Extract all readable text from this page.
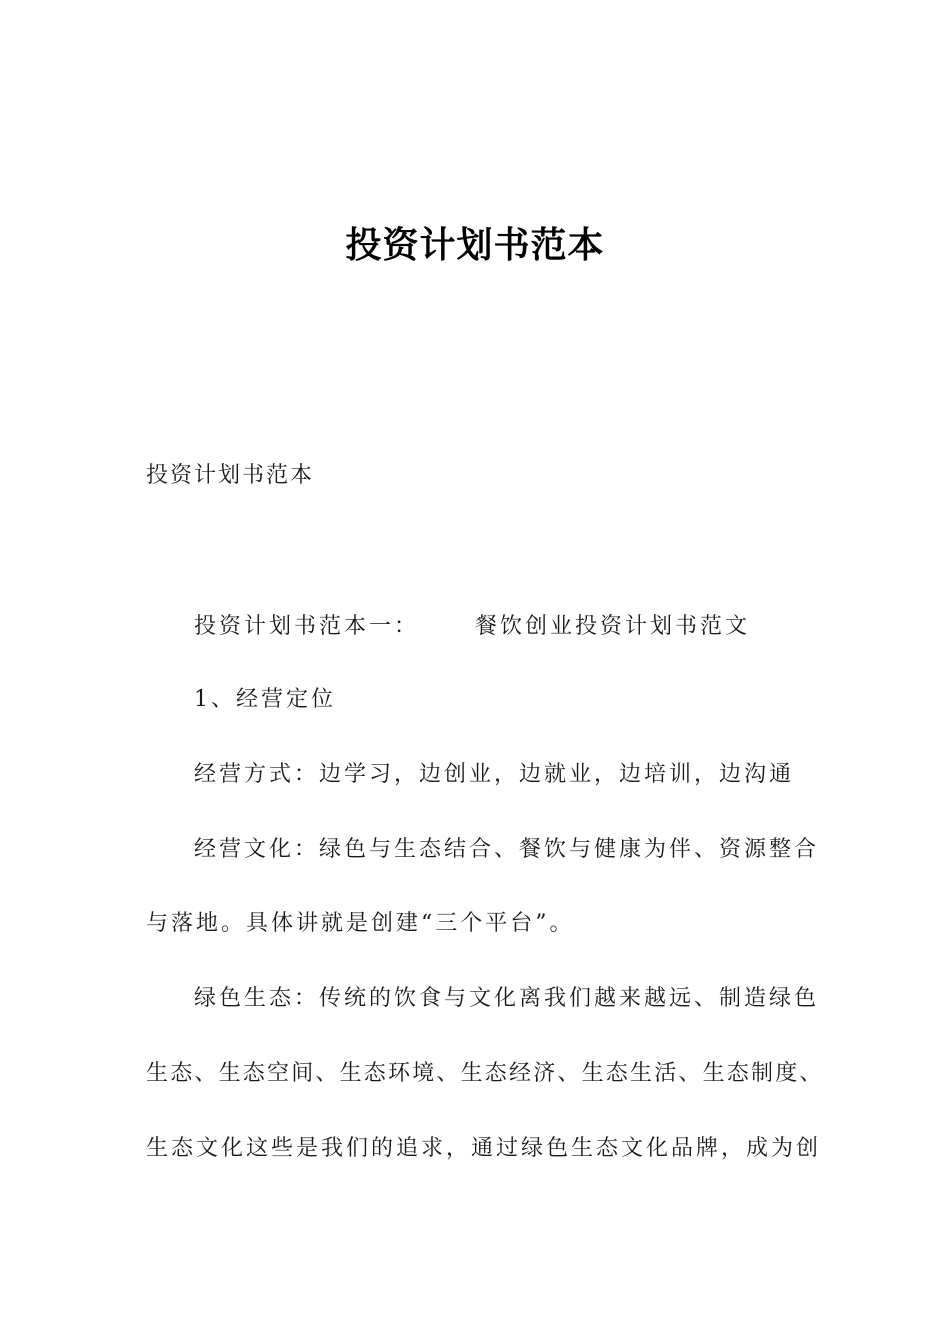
投资计划书范本
投资计划书范本
投资计划书范本一：	餐饮创业投资计划书范文
1、经营定位
经营方式：边学习，边创业，边就业，边培训，边沟通
经营文化：绿色与生态结合、餐饮与健康为伴、资源整合
与落地。具体讲就是创建“三个平台”。
绿色生态：传统的饮食与文化离我们越来越远、制造绿色
生态、生态空间、生态环境、生态经济、生态生活、生态制度、
生态文化这些是我们的追求，通过绿色生态文化品牌，成为创
